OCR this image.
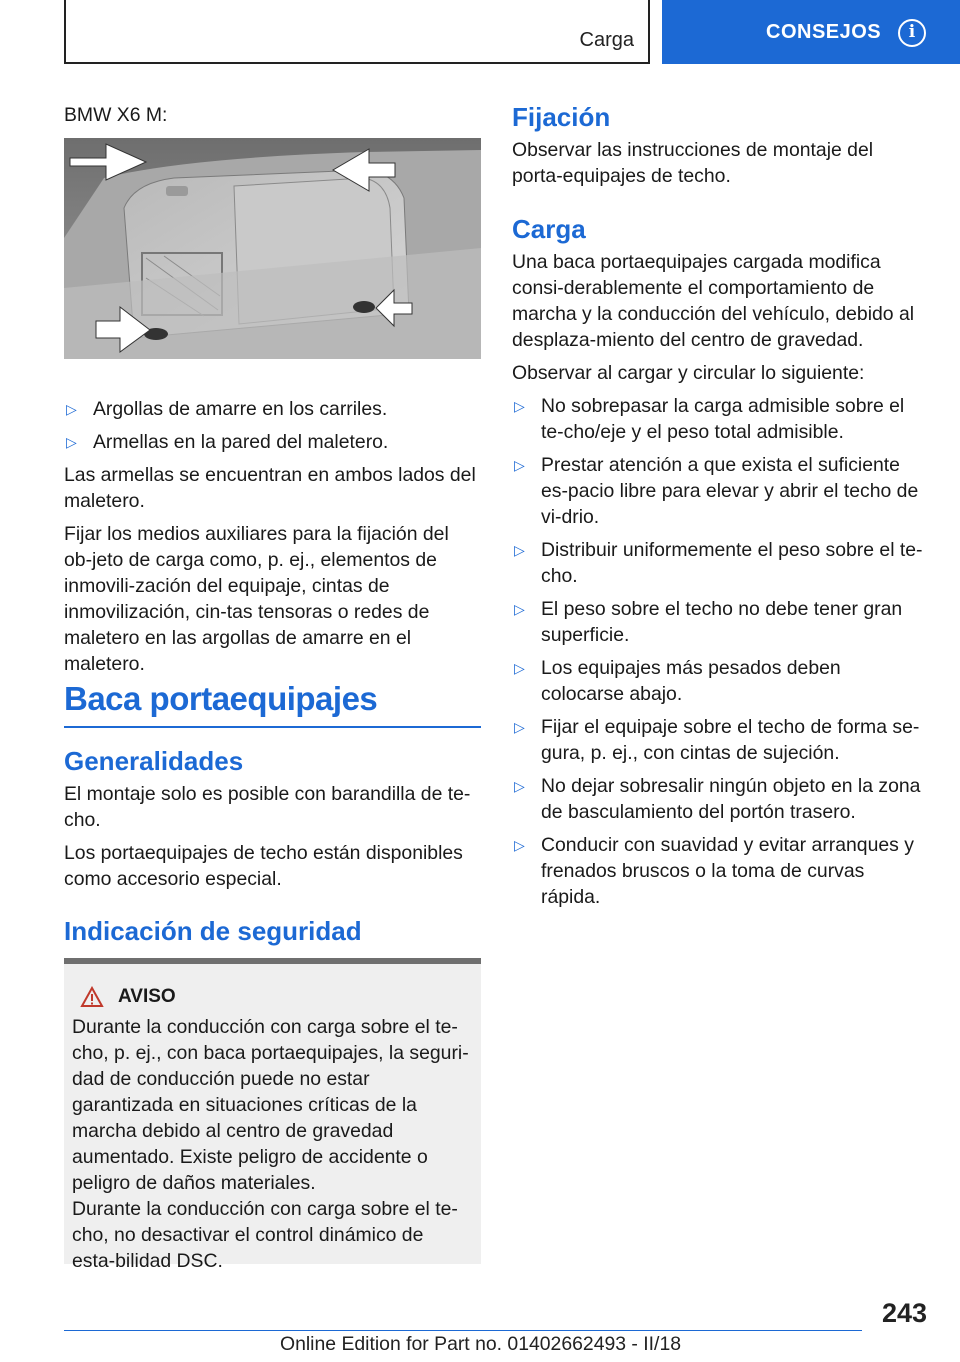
Carga	CONSEJOS	i
BMW X6 M:
▷ Argollas de amarre en los carriles.
▷ Armellas en la pared del maletero.

Las armellas se encuentran en ambos lados del maletero.

Fijar los medios auxiliares para la fijación del ob‐jeto de carga como, p. ej., elementos de inmovili‐zación del equipaje, cintas de inmovilización, cin‐tas tensoras o redes de maletero en las argollas de amarre en el maletero.

Baca portaequipajes
Generalidades

El montaje solo es posible con barandilla de te‐cho.

Los portaequipajes de techo están disponibles como accesorio especial.

Indicación de seguridad
AVISO

Durante la conducción con carga sobre el te‐cho, p. ej., con baca portaequipajes, la seguri‐dad de conducción puede no estar garantizada en situaciones críticas de la marcha debido al centro de gravedad aumentado. Existe peligro de accidente o peligro de daños materiales.

Durante la conducción con carga sobre el te‐cho, no desactivar el control dinámico de esta‐bilidad DSC.

Fijación

Observar las instrucciones de montaje del porta‐equipajes de techo.

Carga

Una baca portaequipajes cargada modifica consi‐derablemente el comportamiento de marcha y la conducción del vehículo, debido al desplaza‐miento del centro de gravedad.

Observar al cargar y circular lo siguiente:

▷ No sobrepasar la carga admisible sobre el te‐cho/eje y el peso total admisible.
▷ Prestar atención a que exista el suficiente es‐pacio libre para elevar y abrir el techo de vi‐drio.
▷ Distribuir uniformemente el peso sobre el te‐cho.
▷ El peso sobre el techo no debe tener gran superficie.
▷ Los equipajes más pesados deben colocarse abajo.
▷ Fijar el equipaje sobre el techo de forma se‐gura, p. ej., con cintas de sujeción.
▷ No dejar sobresalir ningún objeto en la zona de basculamiento del portón trasero.
▷ Conducir con suavidad y evitar arranques y frenados bruscos o la toma de curvas rápida.
243
Online Edition for Part no. 01402662493 - II/18
